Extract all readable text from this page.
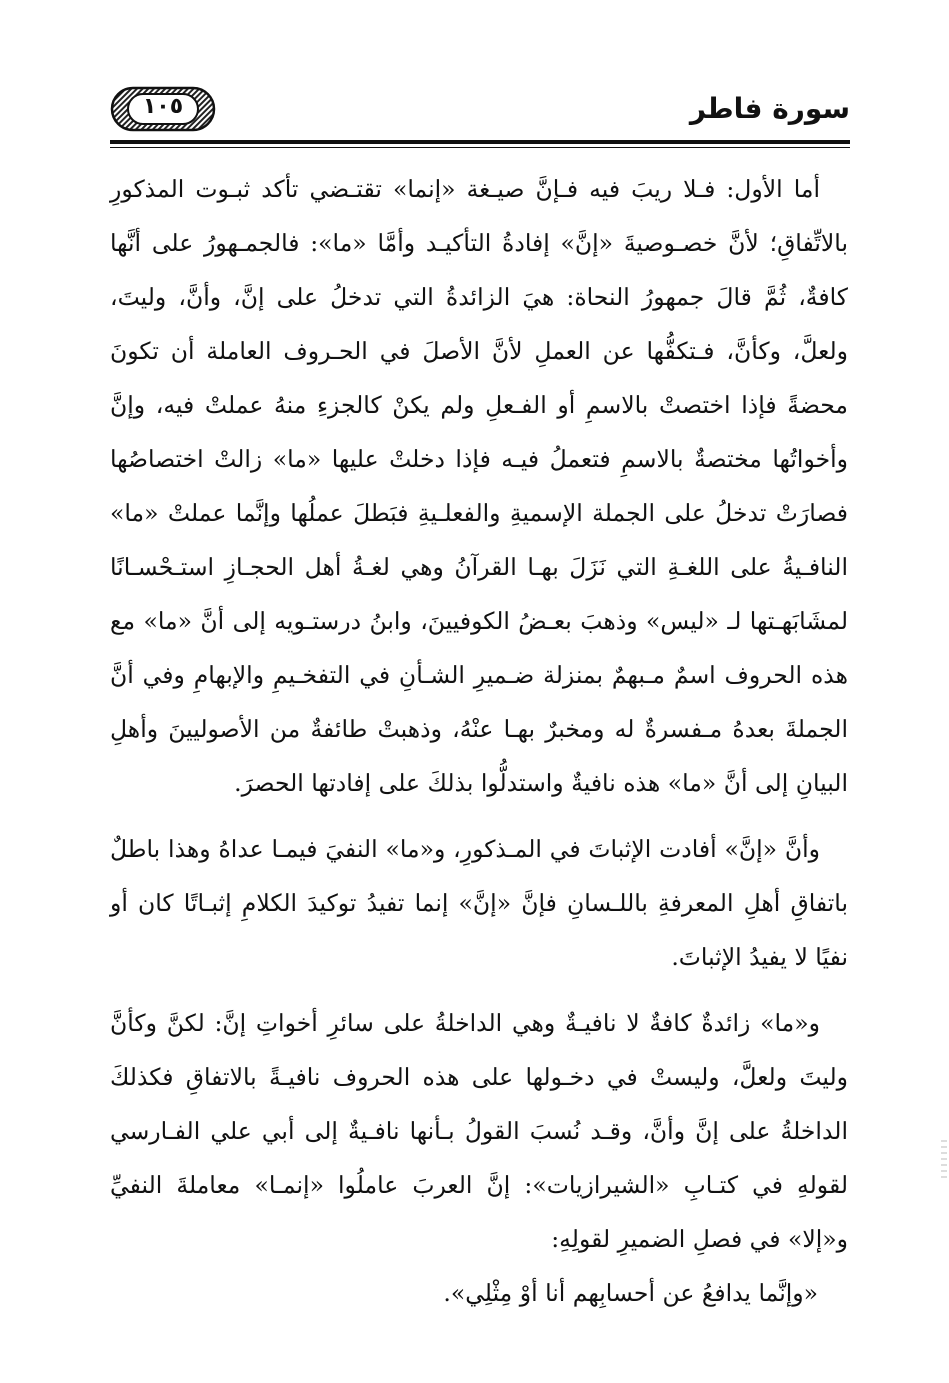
١٠٥	سورة فاطر

أما الأول: فـلا ريبَ فيه فـإنَّ صيـغة «إنما» تقتـضي تأكد ثبـوت المذكورِ بالاتِّفاقِ؛ لأنَّ خصـوصيةَ «إنَّ» إفادةُ التأكيـد وأمَّا «ما»: فالجمـهورُ على أنَّها كافةٌ، ثُمَّ قالَ جمهورُ النحاة: هيَ الزائدةُ التي تدخلُ على إنَّ، وأنَّ، وليتَ، ولعلَّ، وكأنَّ، فـتكفُّها عن العملِ لأنَّ الأصلَ في الحـروف العاملة أن تكونَ محضةً فإذا اختصتْ بالاسمِ أو الفـعلِ ولم يكنْ كالجزءِ منهُ عملتْ فيه، وإنَّ وأخواتُها مختصةٌ بالاسمِ فتعملُ فيـه فإذا دخلتْ عليها «ما» زالتْ اختصاصُها فصارَتْ تدخلُ على الجملة الإسميةِ والفعلـيةِ فبَطلَ عملُها وإنَّما عملتْ «ما» النافـيةُ على اللغـةِ التي نَزَلَ بهـا القرآنُ وهي لغـةُ أهل الحجـازِ استـحْسـانًا لمشَابَهـتها لـ «ليس» وذهبَ بعـضُ الكوفيينَ، وابنُ درستـويه إلى أنَّ «ما» مع هذه الحروف اسمٌ مـبهمٌ بمنزلة ضـميرِ الشـأنِ في التفخـيمِ والإبهامِ وفي أنَّ الجملةَ بعدهُ مـفسرةٌ له ومخبرٌ بهـا عنْهُ، وذهبتْ طائفةٌ من الأصوليينَ وأهلِ البيانِ إلى أنَّ «ما» هذه نافيةٌ واستدلُّوا بذلكَ على إفادتها الحصرَ.

وأنَّ «إنَّ» أفادت الإثباتَ في المـذكورِ، و«ما» النفيَ فيمـا عداهُ وهذا باطلٌ باتفاقِ أهلِ المعرفةِ باللـسانِ فإنَّ «إنَّ» إنما تفيدُ توكيدَ الكلامِ إثبـاتًا كان أو نفيًا لا يفيدُ الإثباتَ.

و«ما» زائدةٌ كافةٌ لا نافيـةٌ وهي الداخلةُ على سائرِ أخواتِ إنَّ: لكنَّ وكأنَّ وليتَ ولعلَّ، وليستْ في دخـولها على هذه الحروف نافيـةً بالاتفاقِ فكذلكَ الداخلةُ على إنَّ وأنَّ، وقـد نُسبَ القولُ بـأنها نافـيةٌ إلى أبي علي الفـارسي لقولهِ في كتـابِ «الشيرازيات»: إنَّ العربَ عاملُوا «إنمـا» معاملةَ النفيِّ و«إلا» في فصلِ الضميرِ لقولِهِ:

«وإنَّما يدافعُ عن أحسابِهم أنا أوْ مِثْلِي».
